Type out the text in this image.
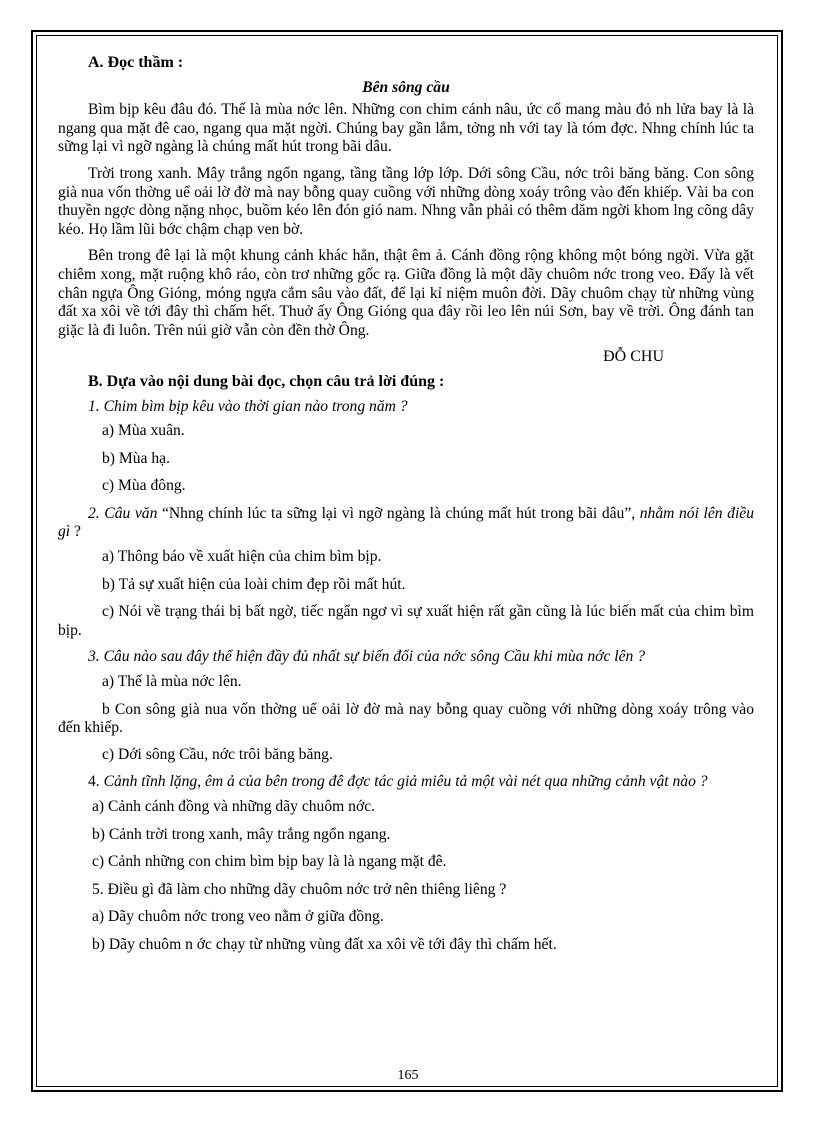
A. Đọc thầm :
Bên sông cầu

Bìm bịp kêu đâu đó. Thế là mùa nớc lên. Những con chim cánh nâu, ức cổ mang màu đỏ nh lửa bay là là ngang qua mặt đê cao, ngang qua mặt ngời. Chúng bay gần lắm, tởng nh với tay là tóm đợc. Nhng chính lúc ta sững lại vì ngỡ ngàng là chúng mất hút trong bãi dâu.

Trời trong xanh. Mây trắng ngổn ngang, tầng tầng lớp lớp. Dới sông Cầu, nớc trôi băng băng. Con sông già nua vốn thờng uể oải lờ đờ mà nay bỗng quay cuồng với những dòng xoáy trông vào đến khiếp. Vài ba con thuyền ngợc dòng nặng nhọc, buồm kéo lên đón gió nam. Nhng vẫn phải có thêm dăm ngời khom lng cõng dây kéo. Họ lầm lũi bớc chậm chạp ven bờ.

Bên trong đê lại là một khung cảnh khác hẳn, thật êm ả. Cánh đồng rộng không một bóng ngời. Vừa gặt chiêm xong, mặt ruộng khô ráo, còn trơ những gốc rạ. Giữa đồng là một dãy chuôm nớc trong veo. Đấy là vết chân ngựa Ông Gióng, móng ngựa cắm sâu vào đất, để lại kỉ niệm muôn đời. Dãy chuôm chạy từ những vùng đất xa xôi về tới đây thì chấm hết. Thuở ấy Ông Gióng qua đây rồi leo lên núi Sơn, bay về trời. Ông đánh tan giặc là đi luôn. Trên núi giờ vẫn còn đền thờ Ông.

ĐỖ CHU
B. Dựa vào nội dung bài đọc, chọn câu trả lời đúng :

1. Chim bìm bịp kêu vào thời gian nào trong năm ?

a) Mùa xuân.
b) Mùa hạ.
c) Mùa đông.

2. Câu văn “Nhng chính lúc ta sững lại vì ngỡ ngàng là chúng mất hút trong bãi dâu”, nhằm nói lên điều gì ?

a) Thông báo về xuất hiện của chim bìm bịp.
b) Tả sự xuất hiện của loài chim đẹp rồi mất hút.
c) Nói về trạng thái bị bất ngờ, tiếc ngẩn ngơ vì sự xuất hiện rất gần cũng là lúc biến mất của chim bìm bịp.

3. Câu nào sau đây thể hiện đầy đủ nhất sự biến đổi của nớc sông Cầu khi mùa nớc lên ?

a) Thế là mùa nớc lên.
b Con sông già nua vốn thờng uể oải lờ đờ mà nay bỗng quay cuồng với những dòng xoáy trông vào đến khiếp.
c) Dới sông Cầu, nớc trôi băng băng.

4. Cảnh tĩnh lặng, êm ả của bên trong đê đợc tác giả miêu tả một vài nét qua những cảnh vật nào ?

a) Cảnh cánh đồng và những dãy chuôm nớc.
b) Cảnh trời trong xanh, mây trắng ngổn ngang.
c) Cảnh những con chim bìm bịp bay là là ngang mặt đê.
5. Điều gì đã làm cho những dãy chuôm nớc trở nên thiêng liêng ?
a) Dãy chuôm nớc trong veo nằm ở giữa đồng.
b) Dãy chuôm n ớc chạy từ những vùng đất xa xôi về tới đây thì chấm hết.
165
